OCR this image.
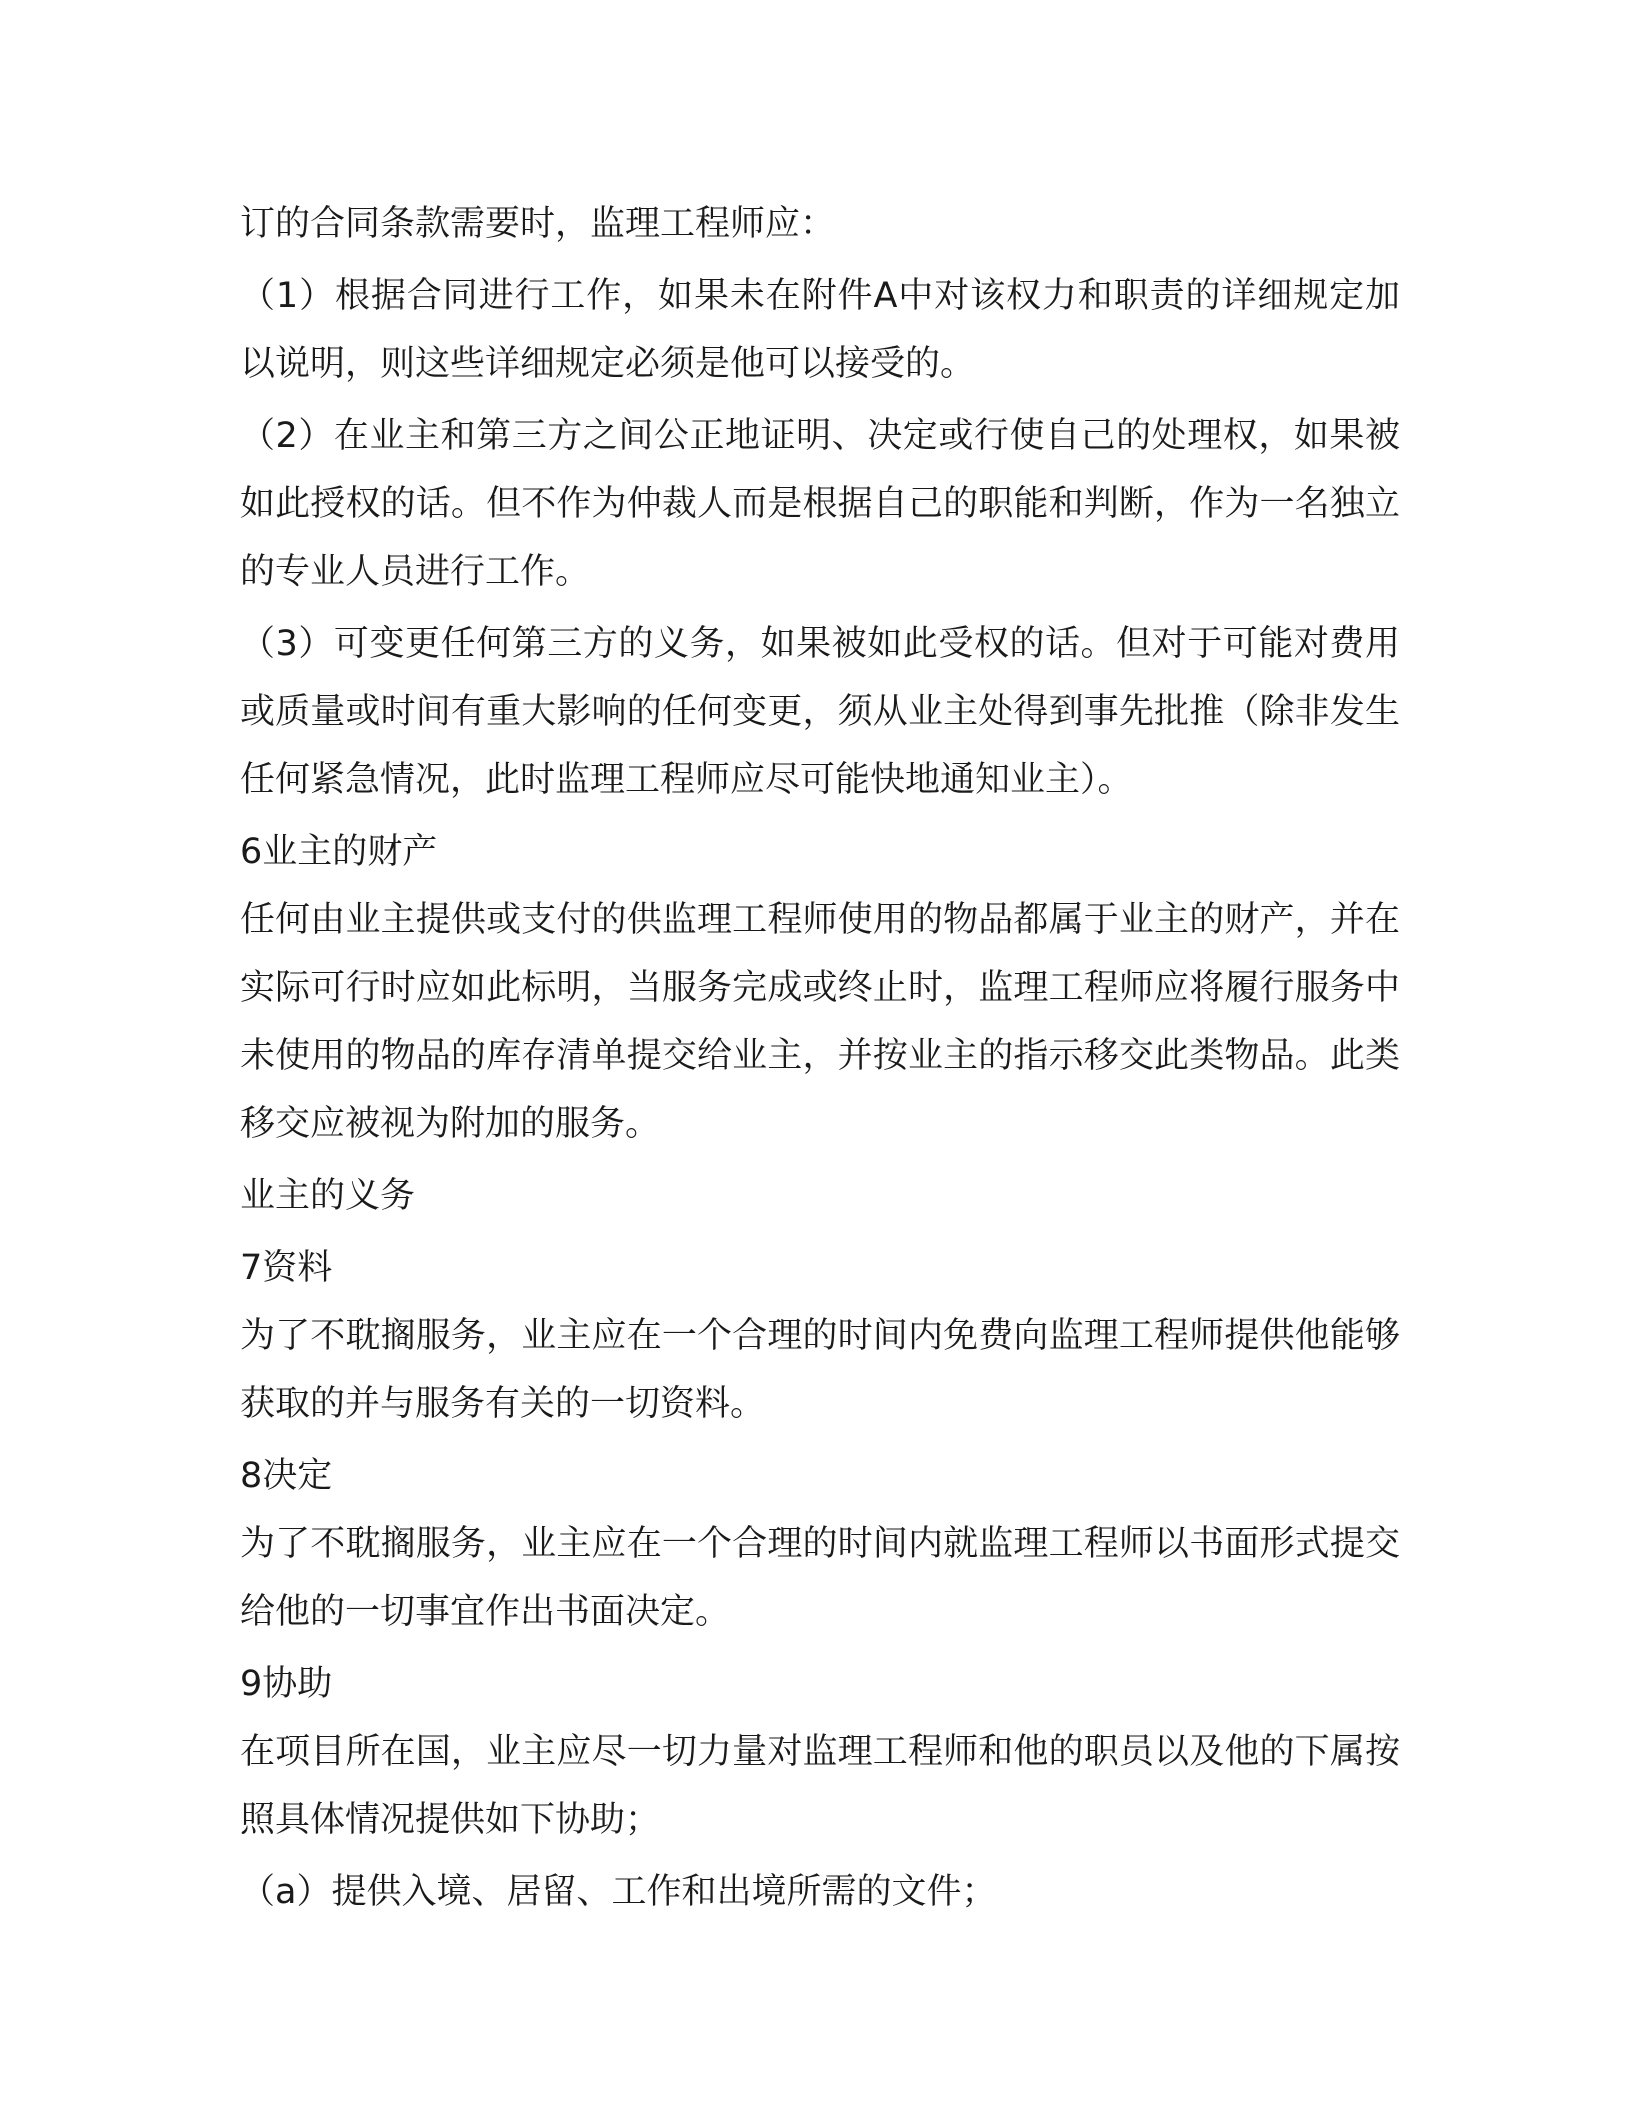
订的合同条款需要时，监理工程师应：

（1）根据合同进行工作，如果未在附件A中对该权力和职责的详细规定加以说明，则这些详细规定必须是他可以接受的。

（2）在业主和第三方之间公正地证明、决定或行使自己的处理权，如果被如此授权的话。但不作为仲裁人而是根据自己的职能和判断，作为一名独立的专业人员进行工作。

（3）可变更任何第三方的义务，如果被如此受权的话。但对于可能对费用或质量或时间有重大影响的任何变更，须从业主处得到事先批推（除非发生任何紧急情况，此时监理工程师应尽可能快地通知业主）。

6业主的财产

任何由业主提供或支付的供监理工程师使用的物品都属于业主的财产，并在实际可行时应如此标明，当服务完成或终止时，监理工程师应将履行服务中未使用的物品的库存清单提交给业主，并按业主的指示移交此类物品。此类移交应被视为附加的服务。

业主的义务

7资料

为了不耽搁服务，业主应在一个合理的时间内免费向监理工程师提供他能够获取的并与服务有关的一切资料。

8决定

为了不耽搁服务，业主应在一个合理的时间内就监理工程师以书面形式提交给他的一切事宜作出书面决定。

9协助

在项目所在国，业主应尽一切力量对监理工程师和他的职员以及他的下属按照具体情况提供如下协助；

（a）提供入境、居留、工作和出境所需的文件；
